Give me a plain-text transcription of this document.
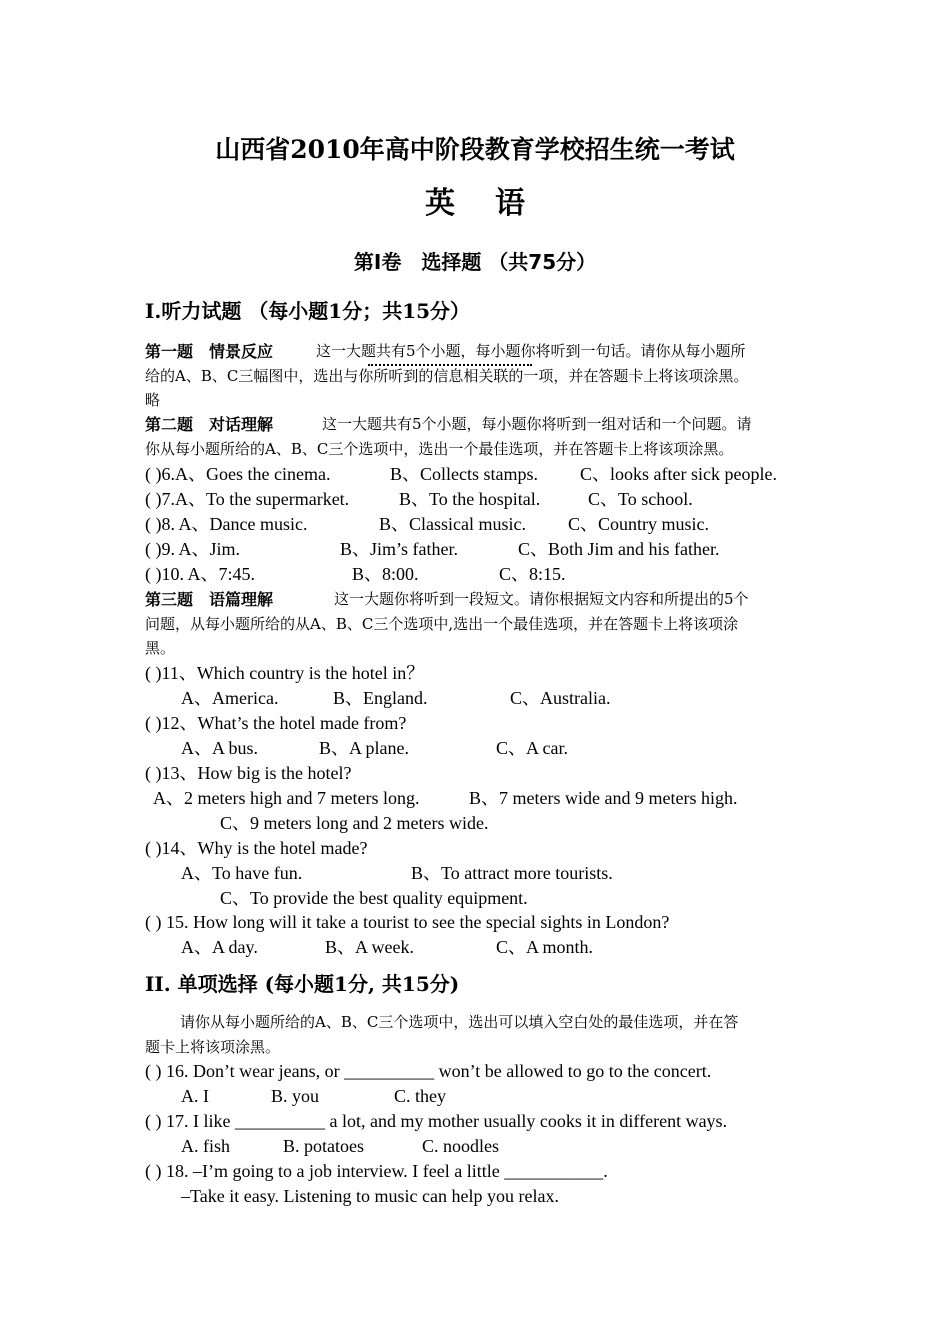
山西省2010年高中阶段教育学校招生统一考试
英语
第Ⅰ卷　选择题 （共75分）
I.听力试题 （每小题1分；共15分）
第一题　情景反应	这一大题共有5个小题，每小题你将听到一句话。请你从每小题所
给的A、B、C三幅图中，选出与你所听到的信息相关联的一项，并在答题卡上将该项涂黑。
略
第二题　对话理解	这一大题共有5个小题，每小题你将听到一组对话和一个问题。请
你从每小题所给的A、B、C三个选项中，选出一个最佳选项，并在答题卡上将该项涂黑。
( )6.A、Goes the cinema.	B、Collects stamps. C、looks after sick people.
( )7.A、To the supermarket.	B、To the hospital.	C、To school.
( )8. A、Dance music.	B、Classical music. C、Country music.
( )9. A、Jim.	B、Jim’s father.	C、Both Jim and his father.
( )10. A、7:45.	B、8:00.	C、8:15.
第三题　语篇理解	这一大题你将听到一段短文。请你根据短文内容和所提出的5个
问题，从每小题所给的从A、B、C三个选项中,选出一个最佳选项，并在答题卡上将该项涂
黑。
( )11、Which country is the hotel in？
A、America.	B、England.	C、Australia.
( )12、What’s the hotel made from?
A、A bus.	B、A plane.	C、A car.
( )13、How big is the hotel?
A、2 meters high and 7 meters long.	B、7 meters wide and 9 meters high.
C、9 meters long and 2 meters wide.
( )14、Why is the hotel made?
A、To have fun.	B、To attract more tourists.
C、To provide the best quality equipment.
( ) 15. How long will it take a tourist to see the special sights in London?
A、A day.	B、A week.	C、A month.
II. 单项选择 (每小题1分, 共15分)
请你从每小题所给的A、B、C三个选项中，选出可以填入空白处的最佳选项，并在答
题卡上将该项涂黑。
( ) 16. Don’t wear jeans, or __________ won’t be allowed to go to the concert.
A. I	B. you	C. they
( ) 17. I like __________ a lot, and my mother usually cooks it in different ways.
A. fish	B. potatoes	C. noodles
( ) 18. –I’m going to a job interview. I feel a little ___________.
–Take it easy. Listening to music can help you relax.
